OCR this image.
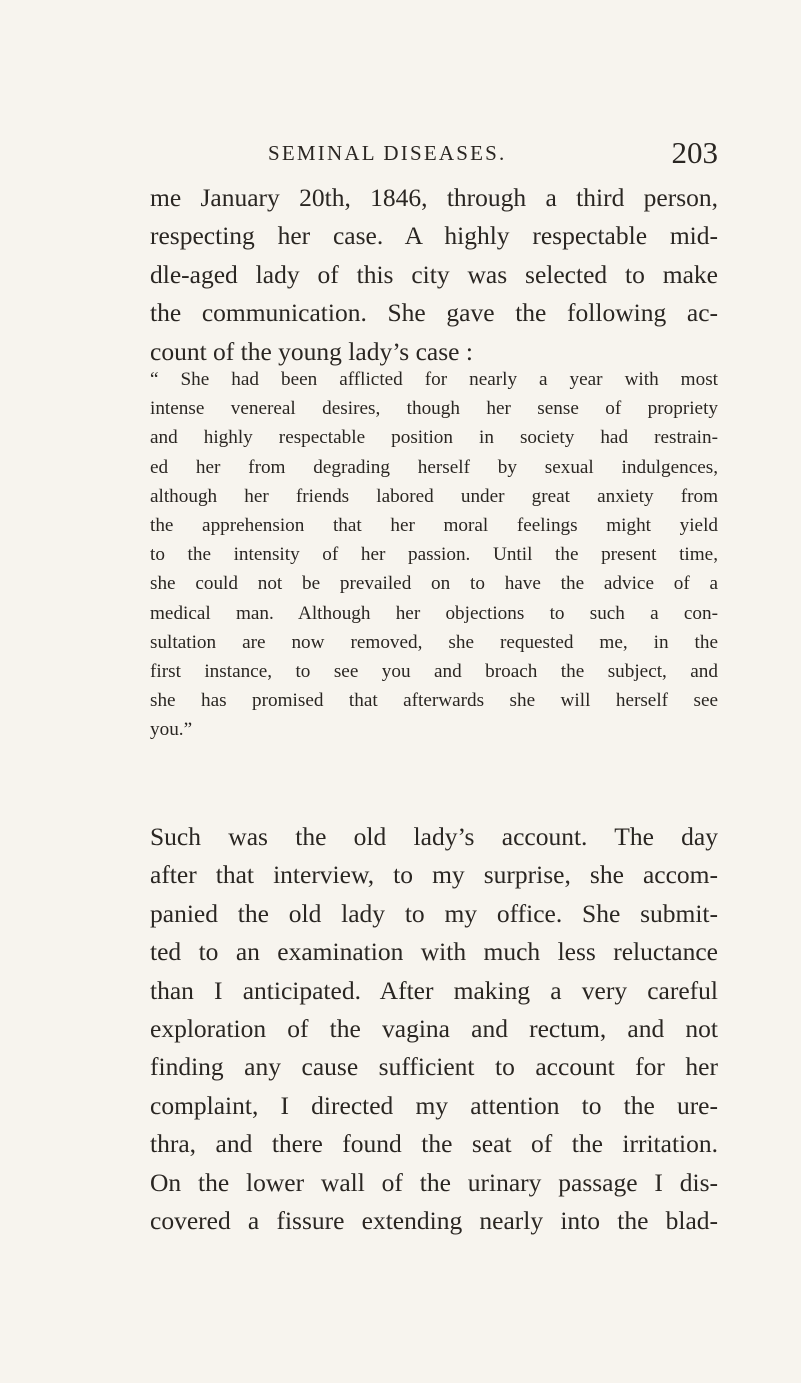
SEMINAL DISEASES.	203
me January 20th, 1846, through a third person,
respecting her case. A highly respectable mid-
dle-aged lady of this city was selected to make
the communication. She gave the following ac-
count of the young lady’s case :
“ She had been afflicted for nearly a year with most
intense venereal desires, though her sense of propriety
and highly respectable position in society had restrain-
ed her from degrading herself by sexual indulgences,
although her friends labored under great anxiety from
the apprehension that her moral feelings might yield
to the intensity of her passion. Until the present time,
she could not be prevailed on to have the advice of a
medical man. Although her objections to such a con-
sultation are now removed, she requested me, in the
first instance, to see you and broach the subject, and
she has promised that afterwards she will herself see
you.”
Such was the old lady’s account. The day
after that interview, to my surprise, she accom-
panied the old lady to my office. She submit-
ted to an examination with much less reluctance
than I anticipated. After making a very careful
exploration of the vagina and rectum, and not
finding any cause sufficient to account for her
complaint, I directed my attention to the ure-
thra, and there found the seat of the irritation.
On the lower wall of the urinary passage I dis-
covered a fissure extending nearly into the blad-
